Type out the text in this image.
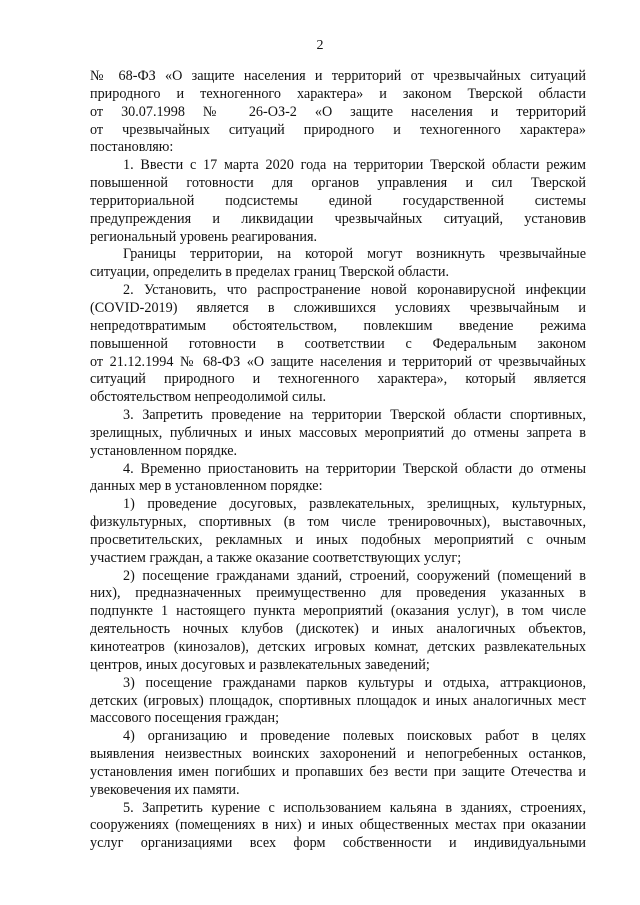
2
№ 68-ФЗ «О защите населения и территорий от чрезвычайных ситуаций
природного и техногенного характера» и законом Тверской области
от 30.07.1998 № 26-ОЗ-2 «О защите населения и территорий
от чрезвычайных ситуаций природного и техногенного характера»
постановляю:
1. Ввести с 17 марта 2020 года на территории Тверской области режим
повышенной готовности для органов управления и сил Тверской
территориальной подсистемы единой государственной системы
предупреждения и ликвидации чрезвычайных ситуаций, установив
региональный уровень реагирования.
Границы территории, на которой могут возникнуть чрезвычайные
ситуации, определить в пределах границ Тверской области.
2. Установить, что распространение новой коронавирусной инфекции
(COVID-2019) является в сложившихся условиях чрезвычайным и
непредотвратимым обстоятельством, повлекшим введение режима
повышенной готовности в соответствии с Федеральным законом
от 21.12.1994 № 68-ФЗ «О защите населения и территорий от чрезвычайных
ситуаций природного и техногенного характера», который является
обстоятельством непреодолимой силы.
3. Запретить проведение на территории Тверской области спортивных,
зрелищных, публичных и иных массовых мероприятий до отмены запрета в
установленном порядке.
4. Временно приостановить на территории Тверской области до отмены
данных мер в установленном порядке:
1) проведение досуговых, развлекательных, зрелищных, культурных,
физкультурных, спортивных (в том числе тренировочных), выставочных,
просветительских, рекламных и иных подобных мероприятий с очным
участием граждан, а также оказание соответствующих услуг;
2) посещение гражданами зданий, строений, сооружений (помещений в
них), предназначенных преимущественно для проведения указанных в
подпункте 1 настоящего пункта мероприятий (оказания услуг), в том числе
деятельность ночных клубов (дискотек) и иных аналогичных объектов,
кинотеатров (кинозалов), детских игровых комнат, детских развлекательных
центров, иных досуговых и развлекательных заведений;
3) посещение гражданами парков культуры и отдыха, аттракционов,
детских (игровых) площадок, спортивных площадок и иных аналогичных мест
массового посещения граждан;
4) организацию и проведение полевых поисковых работ в целях
выявления неизвестных воинских захоронений и непогребенных останков,
установления имен погибших и пропавших без вести при защите Отечества и
увековечения их памяти.
5. Запретить курение с использованием кальяна в зданиях, строениях,
сооружениях (помещениях в них) и иных общественных местах при оказании
услуг организациями всех форм собственности и индивидуальными
